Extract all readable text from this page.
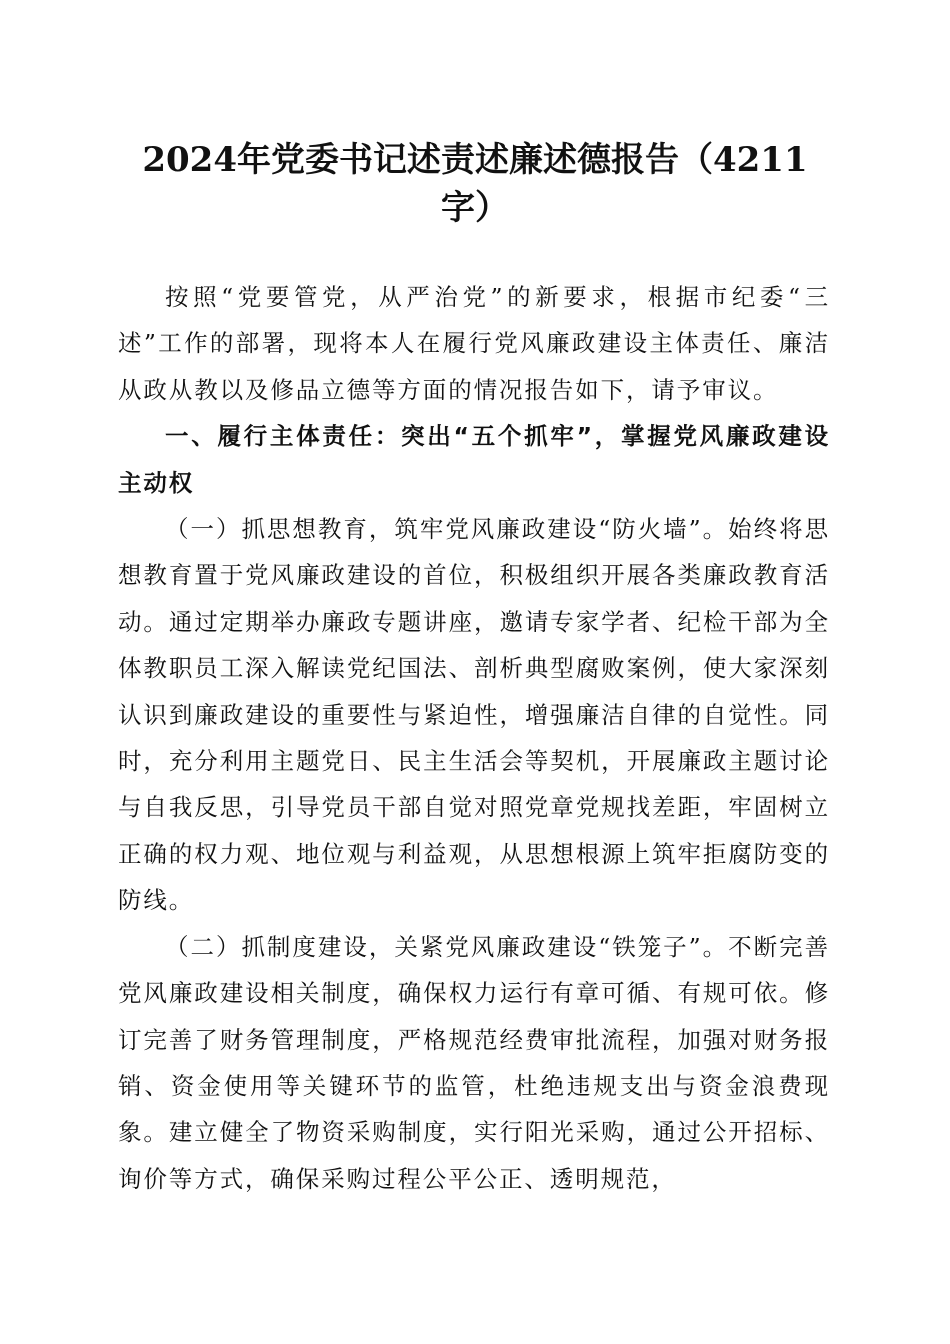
2024年党委书记述责述廉述德报告（4211字）

按照“党要管党，从严治党”的新要求，根据市纪委“三述”工作的部署，现将本人在履行党风廉政建设主体责任、廉洁从政从教以及修品立德等方面的情况报告如下，请予审议。

一、履行主体责任：突出“五个抓牢”，掌握党风廉政建设主动权

（一）抓思想教育，筑牢党风廉政建设“防火墙”。始终将思想教育置于党风廉政建设的首位，积极组织开展各类廉政教育活动。通过定期举办廉政专题讲座，邀请专家学者、纪检干部为全体教职员工深入解读党纪国法、剖析典型腐败案例，使大家深刻认识到廉政建设的重要性与紧迫性，增强廉洁自律的自觉性。同时，充分利用主题党日、民主生活会等契机，开展廉政主题讨论与自我反思，引导党员干部自觉对照党章党规找差距，牢固树立正确的权力观、地位观与利益观，从思想根源上筑牢拒腐防变的防线。

（二）抓制度建设，关紧党风廉政建设“铁笼子”。不断完善党风廉政建设相关制度，确保权力运行有章可循、有规可依。修订完善了财务管理制度，严格规范经费审批流程，加强对财务报销、资金使用等关键环节的监管，杜绝违规支出与资金浪费现象。建立健全了物资采购制度，实行阳光采购，通过公开招标、询价等方式，确保采购过程公平公正、透明规范，
